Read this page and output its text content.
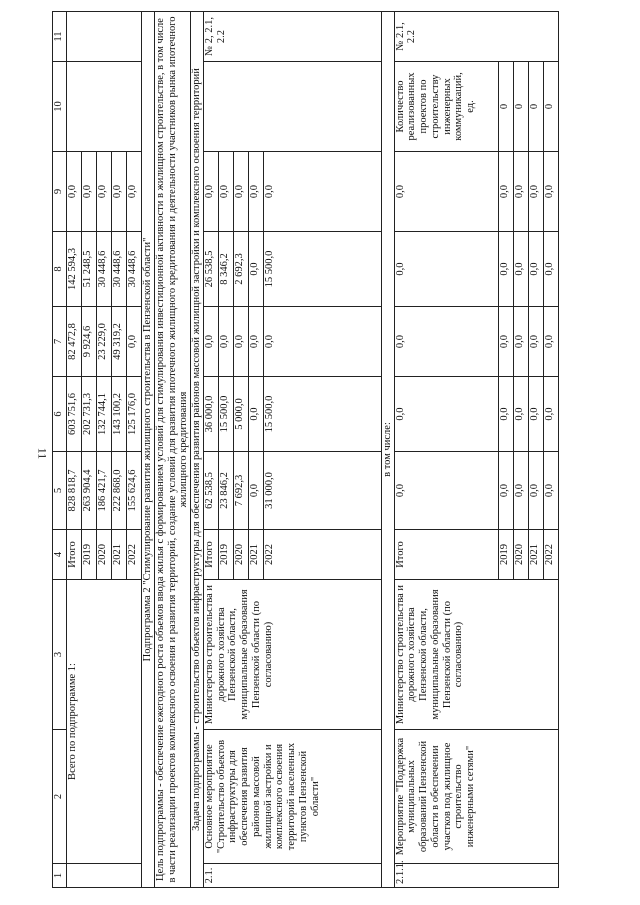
11
1	2	3	4	5	6	7	8	9	10	11
	Всего по подпрограмме 1:		Итого	828 818,7	603 751,6	82 472,8	142 594,3	0,0		
			2019	263 904,4	202 731,3	9 924,6	51 248,5	0,0		
			2020	186 421,7	132 744,1	23 229,0	30 448,6	0,0		
			2021	222 868,0	143 100,2	49 319,2	30 448,6	0,0		
			2022	155 624,6	125 176,0	0,0	30 448,6	0,0		
Подпрограмма 2 "Стимулирование развития жилищного строительства в Пензенской области"										
Цель подпрограммы - обеспечение ежегодного роста объемов ввода жилья с формированием условий для стимулирования инвестиционной активности в жилищном строительстве, в том числе в части реализации проектов комплексного освоения и развития территорий, создание условий для развития ипотечного жилищного кредитования и деятельности участников рынка ипотечного жилищного кредитования										
Задача подпрограммы - строительство объектов инфраструктуры для обеспечения развития районов массовой жилищной застройки и комплексного освоения территорий										
2.1.	Основное мероприятие "Строительство объектов инфраструктуры для обеспечения развития районов массовой жилищной застройки и комплексного освоения территорий населенных пунктов Пензенской области"	Министерство строительства и дорожного хозяйства Пензенской области, муниципальные образования Пензенской области (по согласованию)	Итого	62 538,5	36 000,0	0,0	26 538,5	0,0		№ 2, 2.1, 2.2
			2019	23 846,2	15 500,0	0,0	8 346,2	0,0		
			2020	7 692,3	5 000,0	0,0	2 692,3	0,0		
			2021	0,0	0,0	0,0	0,0	0,0		
			2022	31 000,0	15 500,0	0,0	15 500,0	0,0		
в том числе:										
2.1.1.	Мероприятие "Поддержка муниципальных образований Пензенской области в обеспечении участков под жилищное строительство инженерными сетями"	Министерство строительства и дорожного хозяйства Пензенской области, муниципальные образования Пензенской области (по согласованию)	Итого	0,0	0,0	0,0	0,0	0,0	Количество реализованных проектов по строительству инженерных коммуникаций, ед.	№ 2.1, 2.2
			2019	0,0	0,0	0,0	0,0	0,0	0	
			2020	0,0	0,0	0,0	0,0	0,0	0	
			2021	0,0	0,0	0,0	0,0	0,0	0	
			2022	0,0	0,0	0,0	0,0	0,0	0	
